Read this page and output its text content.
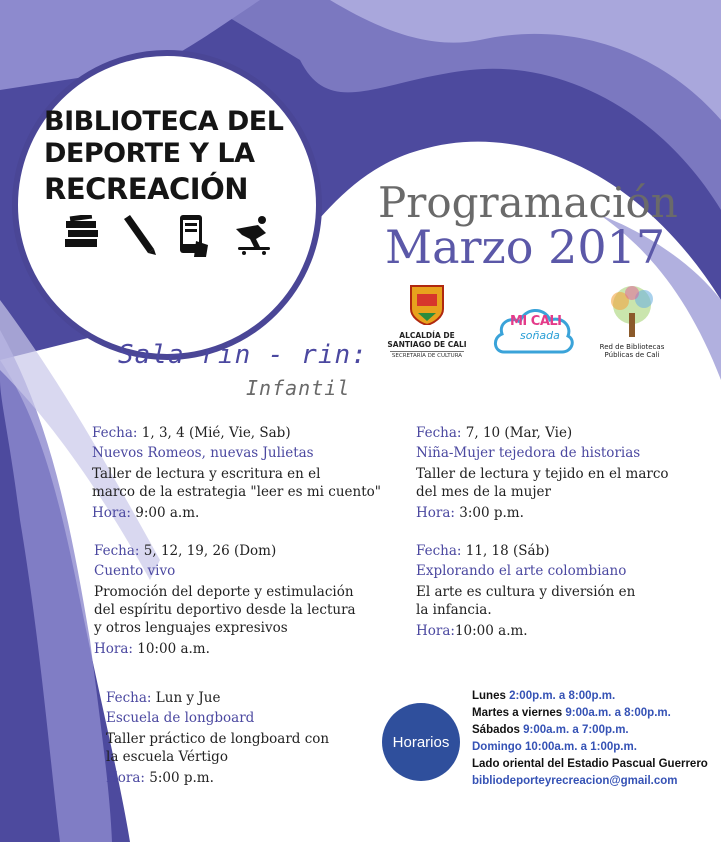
BIBLIOTECA DEL
DEPORTE Y LA
RECREACIÓN	Programación
Marzo 2017
ALCALDÍA DE
SANTIAGO DE CALI
SECRETARÍA DE CULTURA
MI CALI
soñada
Red de Bibliotecas
Públicas de Cali
Sala rin - rin:
Infantil
Fecha: 1, 3, 4 (Mié, Vie, Sab)
Nuevos Romeos, nuevas Julietas
Taller de lectura y escritura en el
marco de la estrategia "leer es mi cuento"
Hora: 9:00 a.m.
Fecha: 7, 10 (Mar, Vie)
Niña-Mujer tejedora de historias
Taller de lectura y tejido en el marco
del mes de la mujer
Hora: 3:00 p.m.
Fecha: 5, 12, 19, 26 (Dom)
Cuento vivo
Promoción del deporte y estimulación
del espíritu deportivo desde la lectura
y otros lenguajes expresivos
Hora: 10:00 a.m.
Fecha: 11, 18 (Sáb)
Explorando el arte colombiano
El arte es cultura y diversión en
la infancia.
Hora:10:00 a.m.
Fecha: Lun y Jue
Escuela de longboard
Taller práctico de longboard con
la escuela Vértigo
Hora: 5:00 p.m.
Horarios
Lunes 2:00p.m. a 8:00p.m.
Martes a viernes 9:00a.m. a 8:00p.m.
Sábados 9:00a.m. a 7:00p.m.
Domingo 10:00a.m. a 1:00p.m.
Lado oriental del Estadio Pascual Guerrero
bibliodeporteyrecreacion@gmail.com
